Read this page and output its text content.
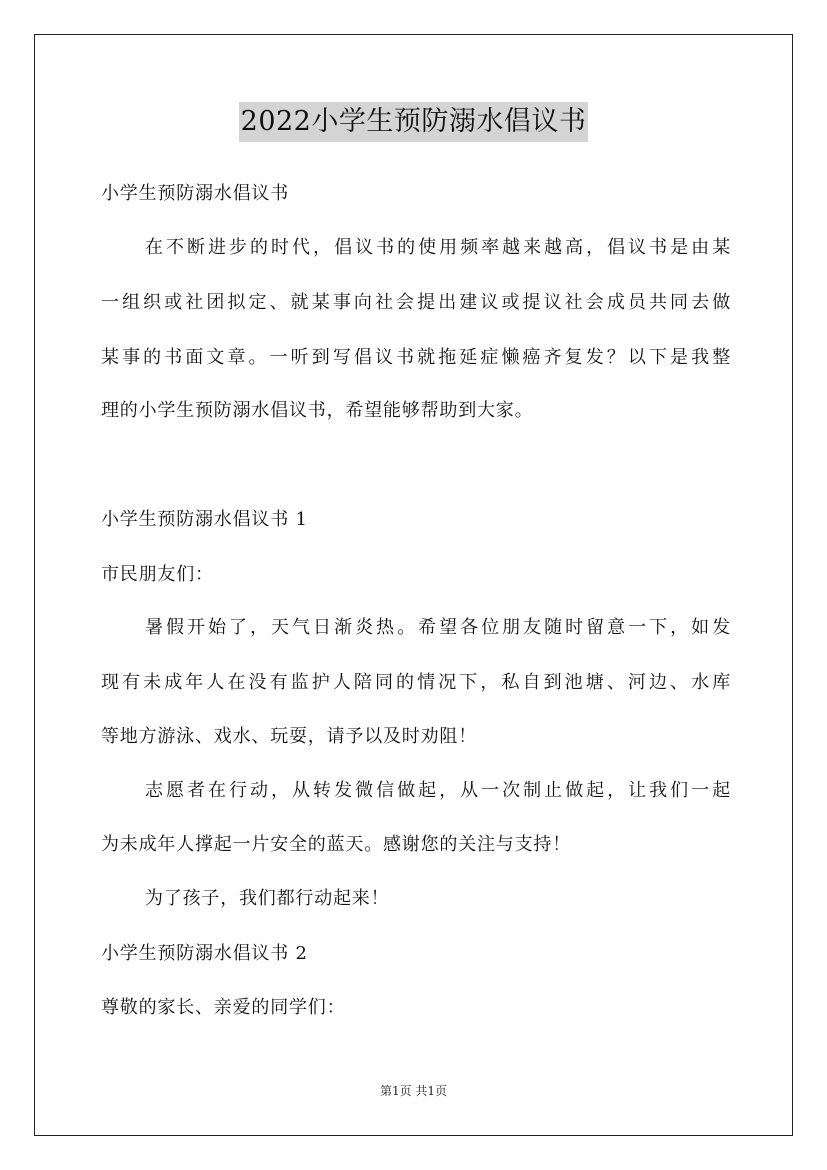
2022小学生预防溺水倡议书
小学生预防溺水倡议书
在不断进步的时代，倡议书的使用频率越来越高，倡议书是由某
一组织或社团拟定、就某事向社会提出建议或提议社会成员共同去做
某事的书面文章。一听到写倡议书就拖延症懒癌齐复发？以下是我整
理的小学生预防溺水倡议书，希望能够帮助到大家。
小学生预防溺水倡议书 1
市民朋友们：
暑假开始了，天气日渐炎热。希望各位朋友随时留意一下，如发
现有未成年人在没有监护人陪同的情况下，私自到池塘、河边、水库
等地方游泳、戏水、玩耍，请予以及时劝阻！
志愿者在行动，从转发微信做起，从一次制止做起，让我们一起
为未成年人撑起一片安全的蓝天。感谢您的关注与支持！
为了孩子，我们都行动起来！
小学生预防溺水倡议书 2
尊敬的家长、亲爱的同学们：
第1页 共1页
